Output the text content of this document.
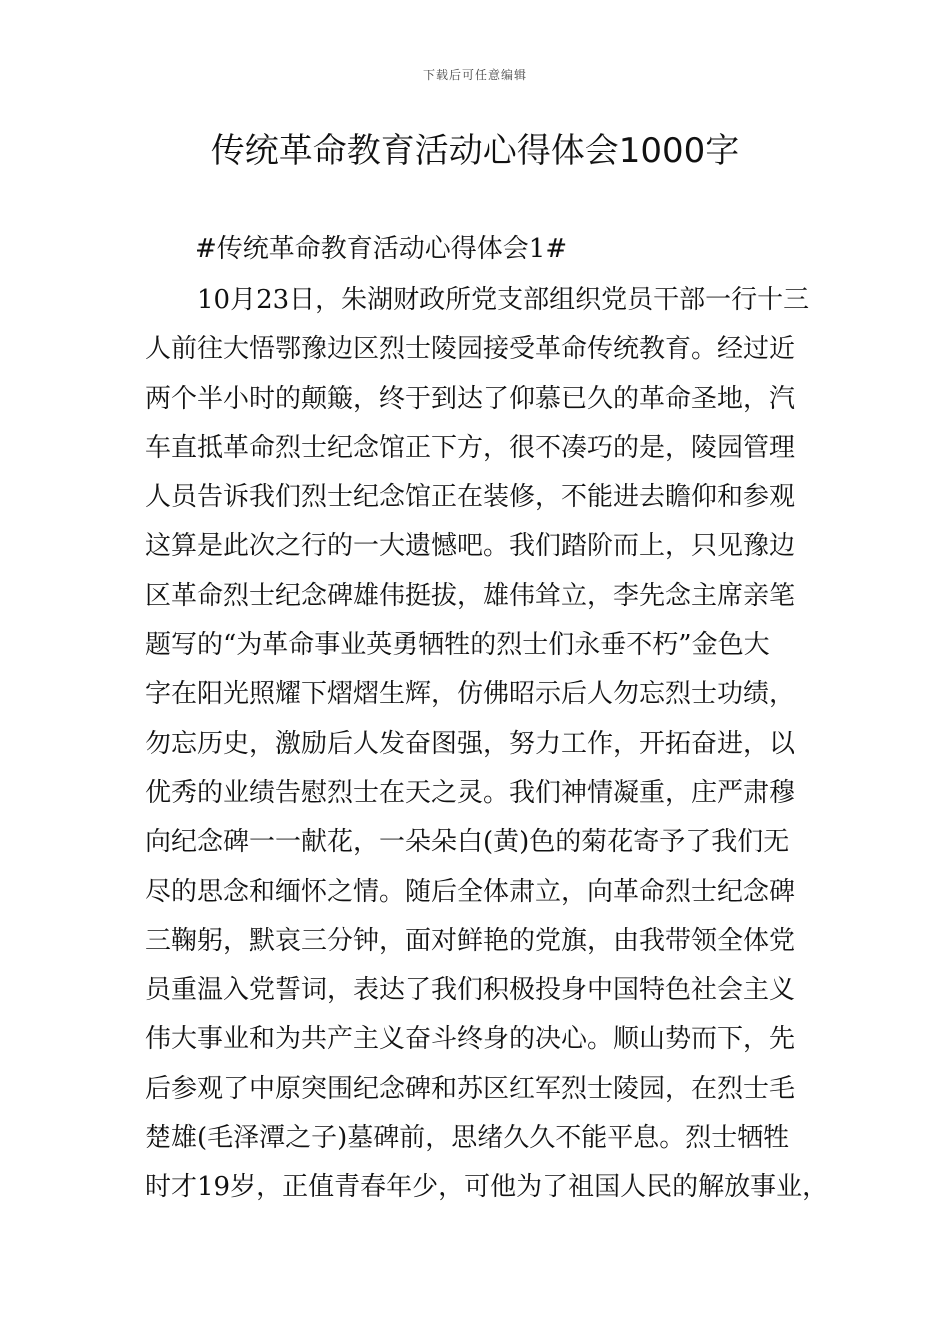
下载后可任意编辑
传统革命教育活动心得体会1000字

#传统革命教育活动心得体会1#

10月23日，朱湖财政所党支部组织党员干部一行十三
人前往大悟鄂豫边区烈士陵园接受革命传统教育。经过近
两个半小时的颠簸，终于到达了仰慕已久的革命圣地，汽
车直抵革命烈士纪念馆正下方，很不凑巧的是，陵园管理
人员告诉我们烈士纪念馆正在装修，不能进去瞻仰和参观
这算是此次之行的一大遗憾吧。我们踏阶而上，只见豫边
区革命烈士纪念碑雄伟挺拔，雄伟耸立，李先念主席亲笔
题写的“为革命事业英勇牺牲的烈士们永垂不朽”金色大
字在阳光照耀下熠熠生辉，仿佛昭示后人勿忘烈士功绩，
勿忘历史，激励后人发奋图强，努力工作，开拓奋进，以
优秀的业绩告慰烈士在天之灵。我们神情凝重，庄严肃穆
向纪念碑一一献花，一朵朵白(黄)色的菊花寄予了我们无
尽的思念和缅怀之情。随后全体肃立，向革命烈士纪念碑
三鞠躬，默哀三分钟，面对鲜艳的党旗，由我带领全体党
员重温入党誓词，表达了我们积极投身中国特色社会主义
伟大事业和为共产主义奋斗终身的决心。顺山势而下，先
后参观了中原突围纪念碑和苏区红军烈士陵园，在烈士毛
楚雄(毛泽潭之子)墓碑前，思绪久久不能平息。烈士牺牲
时才19岁，正值青春年少，可他为了祖国人民的解放事业，
